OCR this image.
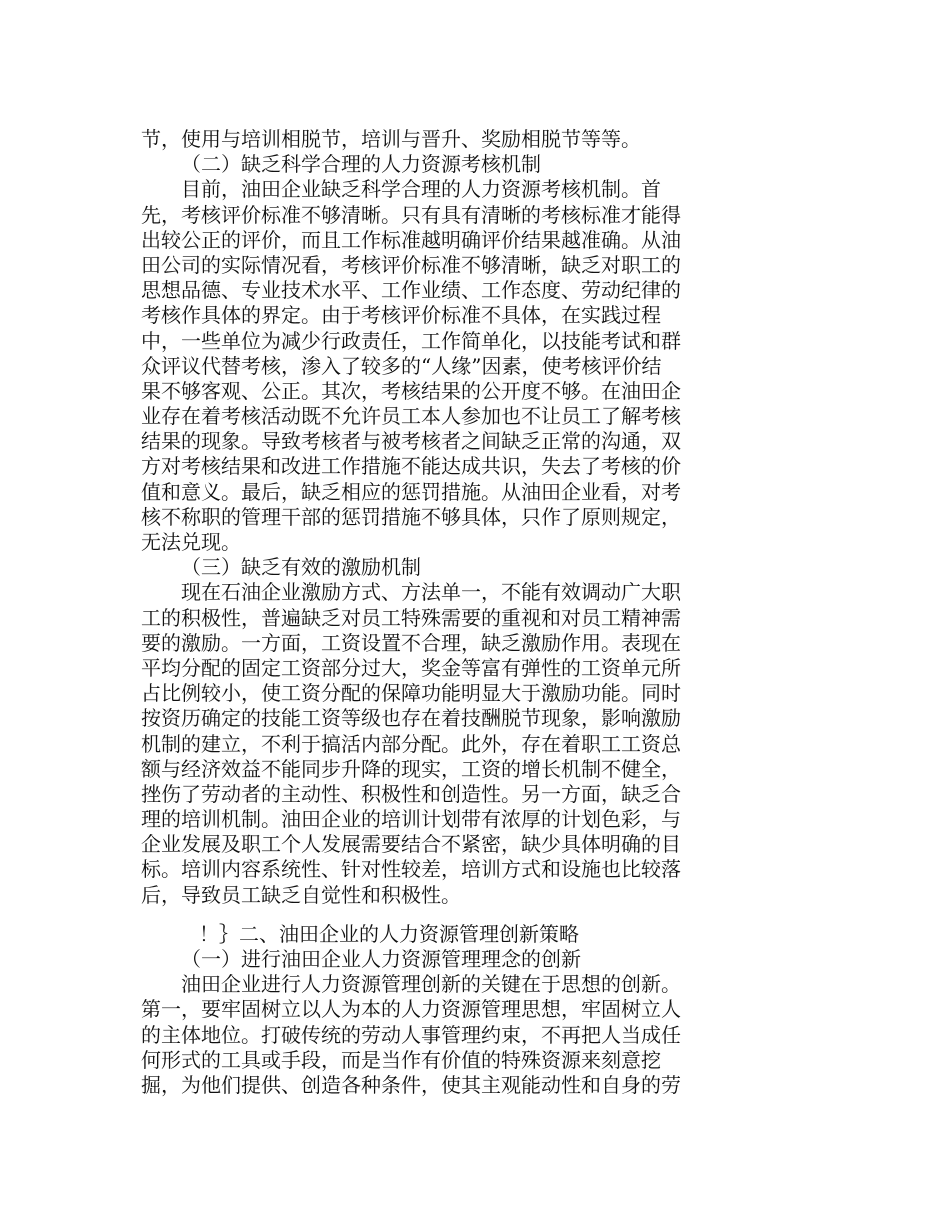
节，使用与培训相脱节，培训与晋升、奖励相脱节等等。
（二）缺乏科学合理的人力资源考核机制
目前，油田企业缺乏科学合理的人力资源考核机制。首
先，考核评价标准不够清晰。只有具有清晰的考核标准才能得
出较公正的评价，而且工作标准越明确评价结果越准确。从油
田公司的实际情况看，考核评价标准不够清晰，缺乏对职工的
思想品德、专业技术水平、工作业绩、工作态度、劳动纪律的
考核作具体的界定。由于考核评价标准不具体，在实践过程
中，一些单位为减少行政责任，工作简单化，以技能考试和群
众评议代替考核，渗入了较多的“人缘”因素，使考核评价结
果不够客观、公正。其次，考核结果的公开度不够。在油田企
业存在着考核活动既不允许员工本人参加也不让员工了解考核
结果的现象。导致考核者与被考核者之间缺乏正常的沟通，双
方对考核结果和改进工作措施不能达成共识，失去了考核的价
值和意义。最后，缺乏相应的惩罚措施。从油田企业看，对考
核不称职的管理干部的惩罚措施不够具体，只作了原则规定，
无法兑现。
（三）缺乏有效的激励机制
现在石油企业激励方式、方法单一，不能有效调动广大职
工的积极性，普遍缺乏对员工特殊需要的重视和对员工精神需
要的激励。一方面，工资设置不合理，缺乏激励作用。表现在
平均分配的固定工资部分过大，奖金等富有弹性的工资单元所
占比例较小，使工资分配的保障功能明显大于激励功能。同时
按资历确定的技能工资等级也存在着技酬脱节现象，影响激励
机制的建立，不利于搞活内部分配。此外，存在着职工工资总
额与经济效益不能同步升降的现实，工资的增长机制不健全，
挫伤了劳动者的主动性、积极性和创造性。另一方面，缺乏合
理的培训机制。油田企业的培训计划带有浓厚的计划色彩，与
企业发展及职工个人发展需要结合不紧密，缺少具体明确的目
标。培训内容系统性、针对性较差，培训方式和设施也比较落
后，导致员工缺乏自觉性和积极性。
！｝二、油田企业的人力资源管理创新策略
（一）进行油田企业人力资源管理理念的创新
油田企业进行人力资源管理创新的关键在于思想的创新。
第一，要牢固树立以人为本的人力资源管理思想，牢固树立人
的主体地位。打破传统的劳动人事管理约束，不再把人当成任
何形式的工具或手段，而是当作有价值的特殊资源来刻意挖
掘，为他们提供、创造各种条件，使其主观能动性和自身的劳
